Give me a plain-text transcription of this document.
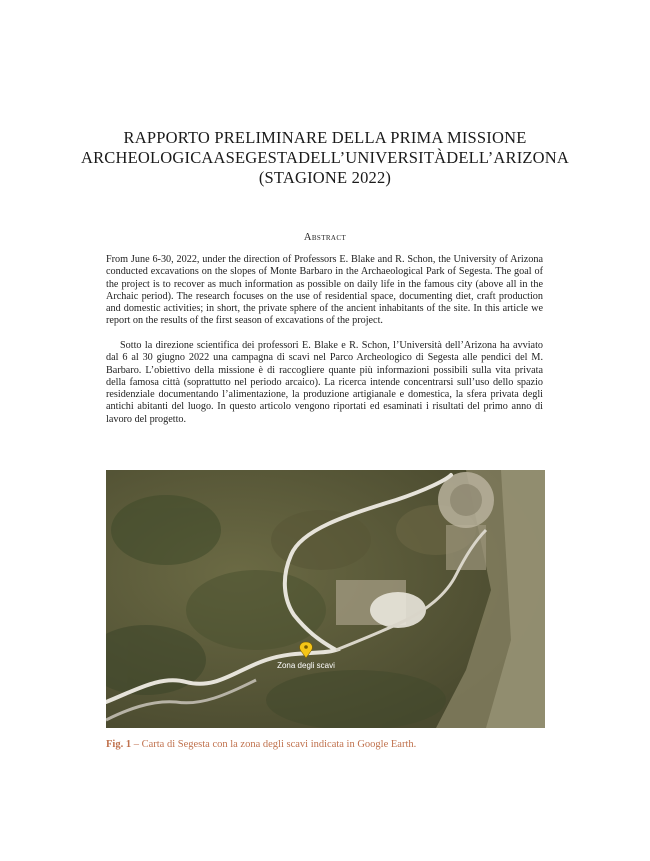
RAPPORTO PRELIMINARE DELLA PRIMA MISSIONE
ARCHEOLOGICAASEGESTADELL’UNIVERSITÀDELL’ARIZONA
(STAGIONE 2022)
Abstract

From June 6-30, 2022, under the direction of Professors E. Blake and R. Schon, the University of Arizona conducted excavations on the slopes of Monte Barbaro in the Archaeological Park of Segesta. The goal of the project is to recover as much information as possible on daily life in the famous city (above all in the Archaic period). The research focuses on the use of residential space, documenting diet, craft production and domestic activities; in short, the private sphere of the ancient inhabitants of the site. In this article we report on the results of the first season of excavations of the project.

Sotto la direzione scientifica dei professori E. Blake e R. Schon, l’Università dell’Arizona ha avviato dal 6 al 30 giugno 2022 una campagna di scavi nel Parco Archeologico di Segesta alle pendici del M. Barbaro. L’obiettivo della missione è di raccogliere quante più informazioni possibili sulla vita privata della famosa città (soprattutto nel periodo arcaico). La ricerca intende concentrarsi sull’uso dello spazio residenziale documentando l’alimentazione, la produzione artigianale e domestica, la sfera privata degli antichi abitanti del luogo. In questo articolo vengono riportati ed esaminati i risultati del primo anno di lavoro del progetto.

Zona degli scavi
Fig. 1 – Carta di Segesta con la zona degli scavi indicata in Google Earth.
